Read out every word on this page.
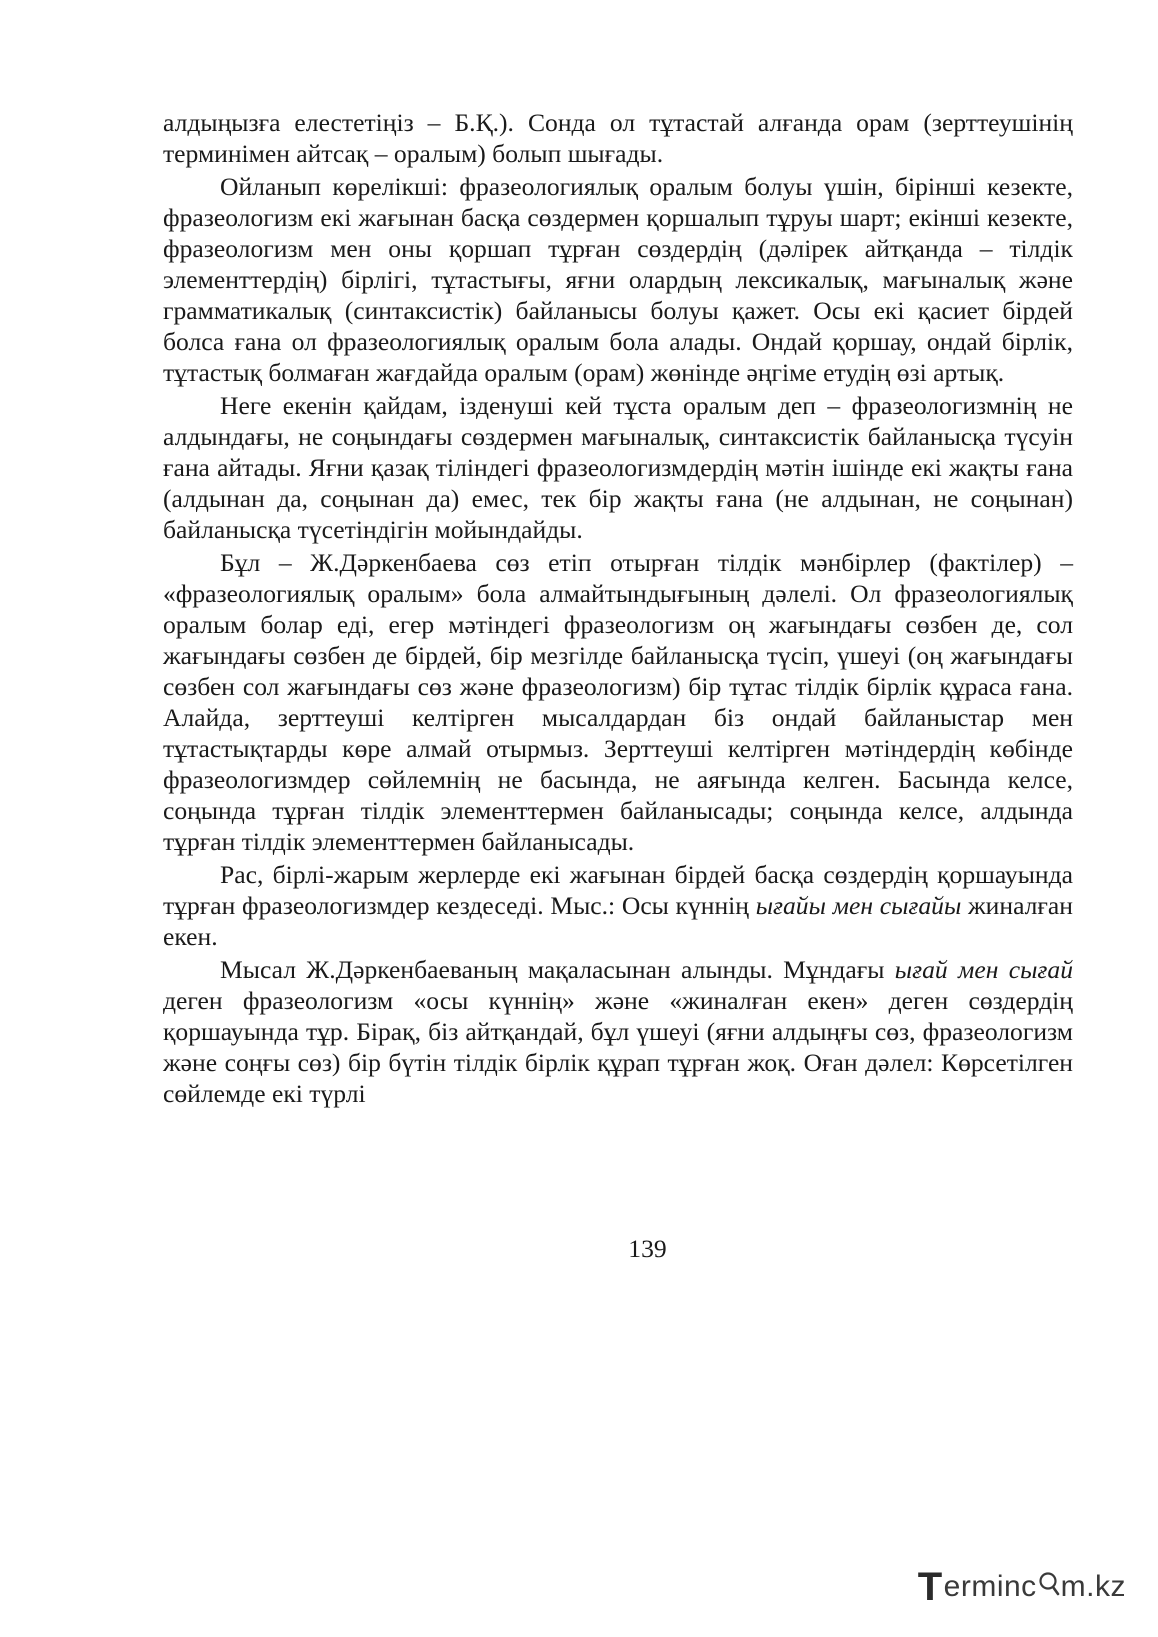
алдыңызға елестетіңіз – Б.Қ.). Сонда ол тұтастай алғанда орам (зерттеушінің терминімен айтсақ – оралым) болып шығады.

Ойланып көрелікші: фразеологиялық оралым болуы үшін, біріншi кезекте, фразеологизм екі жағынан басқа сөздермен қоршалып тұруы шарт; екінші кезекте, фразеологизм мен оны қоршап тұрған сөздердің (дәлірек айтқанда – тілдік элементтердің) бірлігі, тұтастығы, яғни олардың лексикалық, мағыналық және грамматикалық (синтаксистік) байланысы болуы қажет. Осы екі қасиет бірдей болса ғана ол фразеологиялық оралым бола алады. Ондай қоршау, ондай бірлік, тұтастық болмаған жағдайда оралым (орам) жөнінде әңгіме етудің өзі артық.

Неге екенін қайдам, ізденуші кей тұста оралым деп – фразеологизмнің не алдындағы, не соңындағы сөздермен мағыналық, синтаксистік байланысқа түсуін ғана айтады. Яғни қазақ тіліндегі фразеологизмдердің мәтін ішінде екі жақты ғана (алдынан да, соңынан да) емес, тек бір жақты ғана (не алдынан, не соңынан) байланысқа түсетіндігін мойындайды.

Бұл – Ж.Дәркенбаева сөз етіп отырған тілдік мәнбірлер (фактілер) – «фразеологиялық оралым» бола алмайтындығының дәлелі. Ол фразеологиялық оралым болар еді, егер мәтіндегі фразеологизм оң жағындағы сөзбен де, сол жағындағы сөзбен де бірдей, бір мезгілде байланысқа түсіп, үшеуі (оң жағындағы сөзбен сол жағындағы сөз және фразеологизм) бір тұтас тілдік бірлік құраса ғана. Алайда, зерттеуші келтірген мысалдардан біз ондай байланыстар мен тұтастықтарды көре алмай отырмыз. Зерттеуші келтірген мәтіндердің көбінде фразеологизмдер сөйлемнің не басында, не аяғында келген. Басында келсе, соңында тұрған тілдік элементтермен байланысады; соңында келсе, алдында тұрған тілдік элементтермен байланысады.

Рас, бірлі-жарым жерлерде екі жағынан бірдей басқа сөздердің қоршауында тұрған фразеологизмдер кездеседі. Мыс.: Осы күннің ығайы мен сығайы жиналған екен.

Мысал Ж.Дәркенбаеваның мақаласынан алынды. Мұндағы ығай мен сығай деген фразеологизм «осы күннің» және «жиналған екен» деген сөздердің қоршауында тұр. Бірақ, біз айтқандай, бұл үшеуі (яғни алдыңғы сөз, фразеологизм және соңғы сөз) бір бүтін тілдік бірлік құрап тұрған жоқ. Оған дәлел: Көрсетілген сөйлемде екі түрлі

139
T erminc m.kz
